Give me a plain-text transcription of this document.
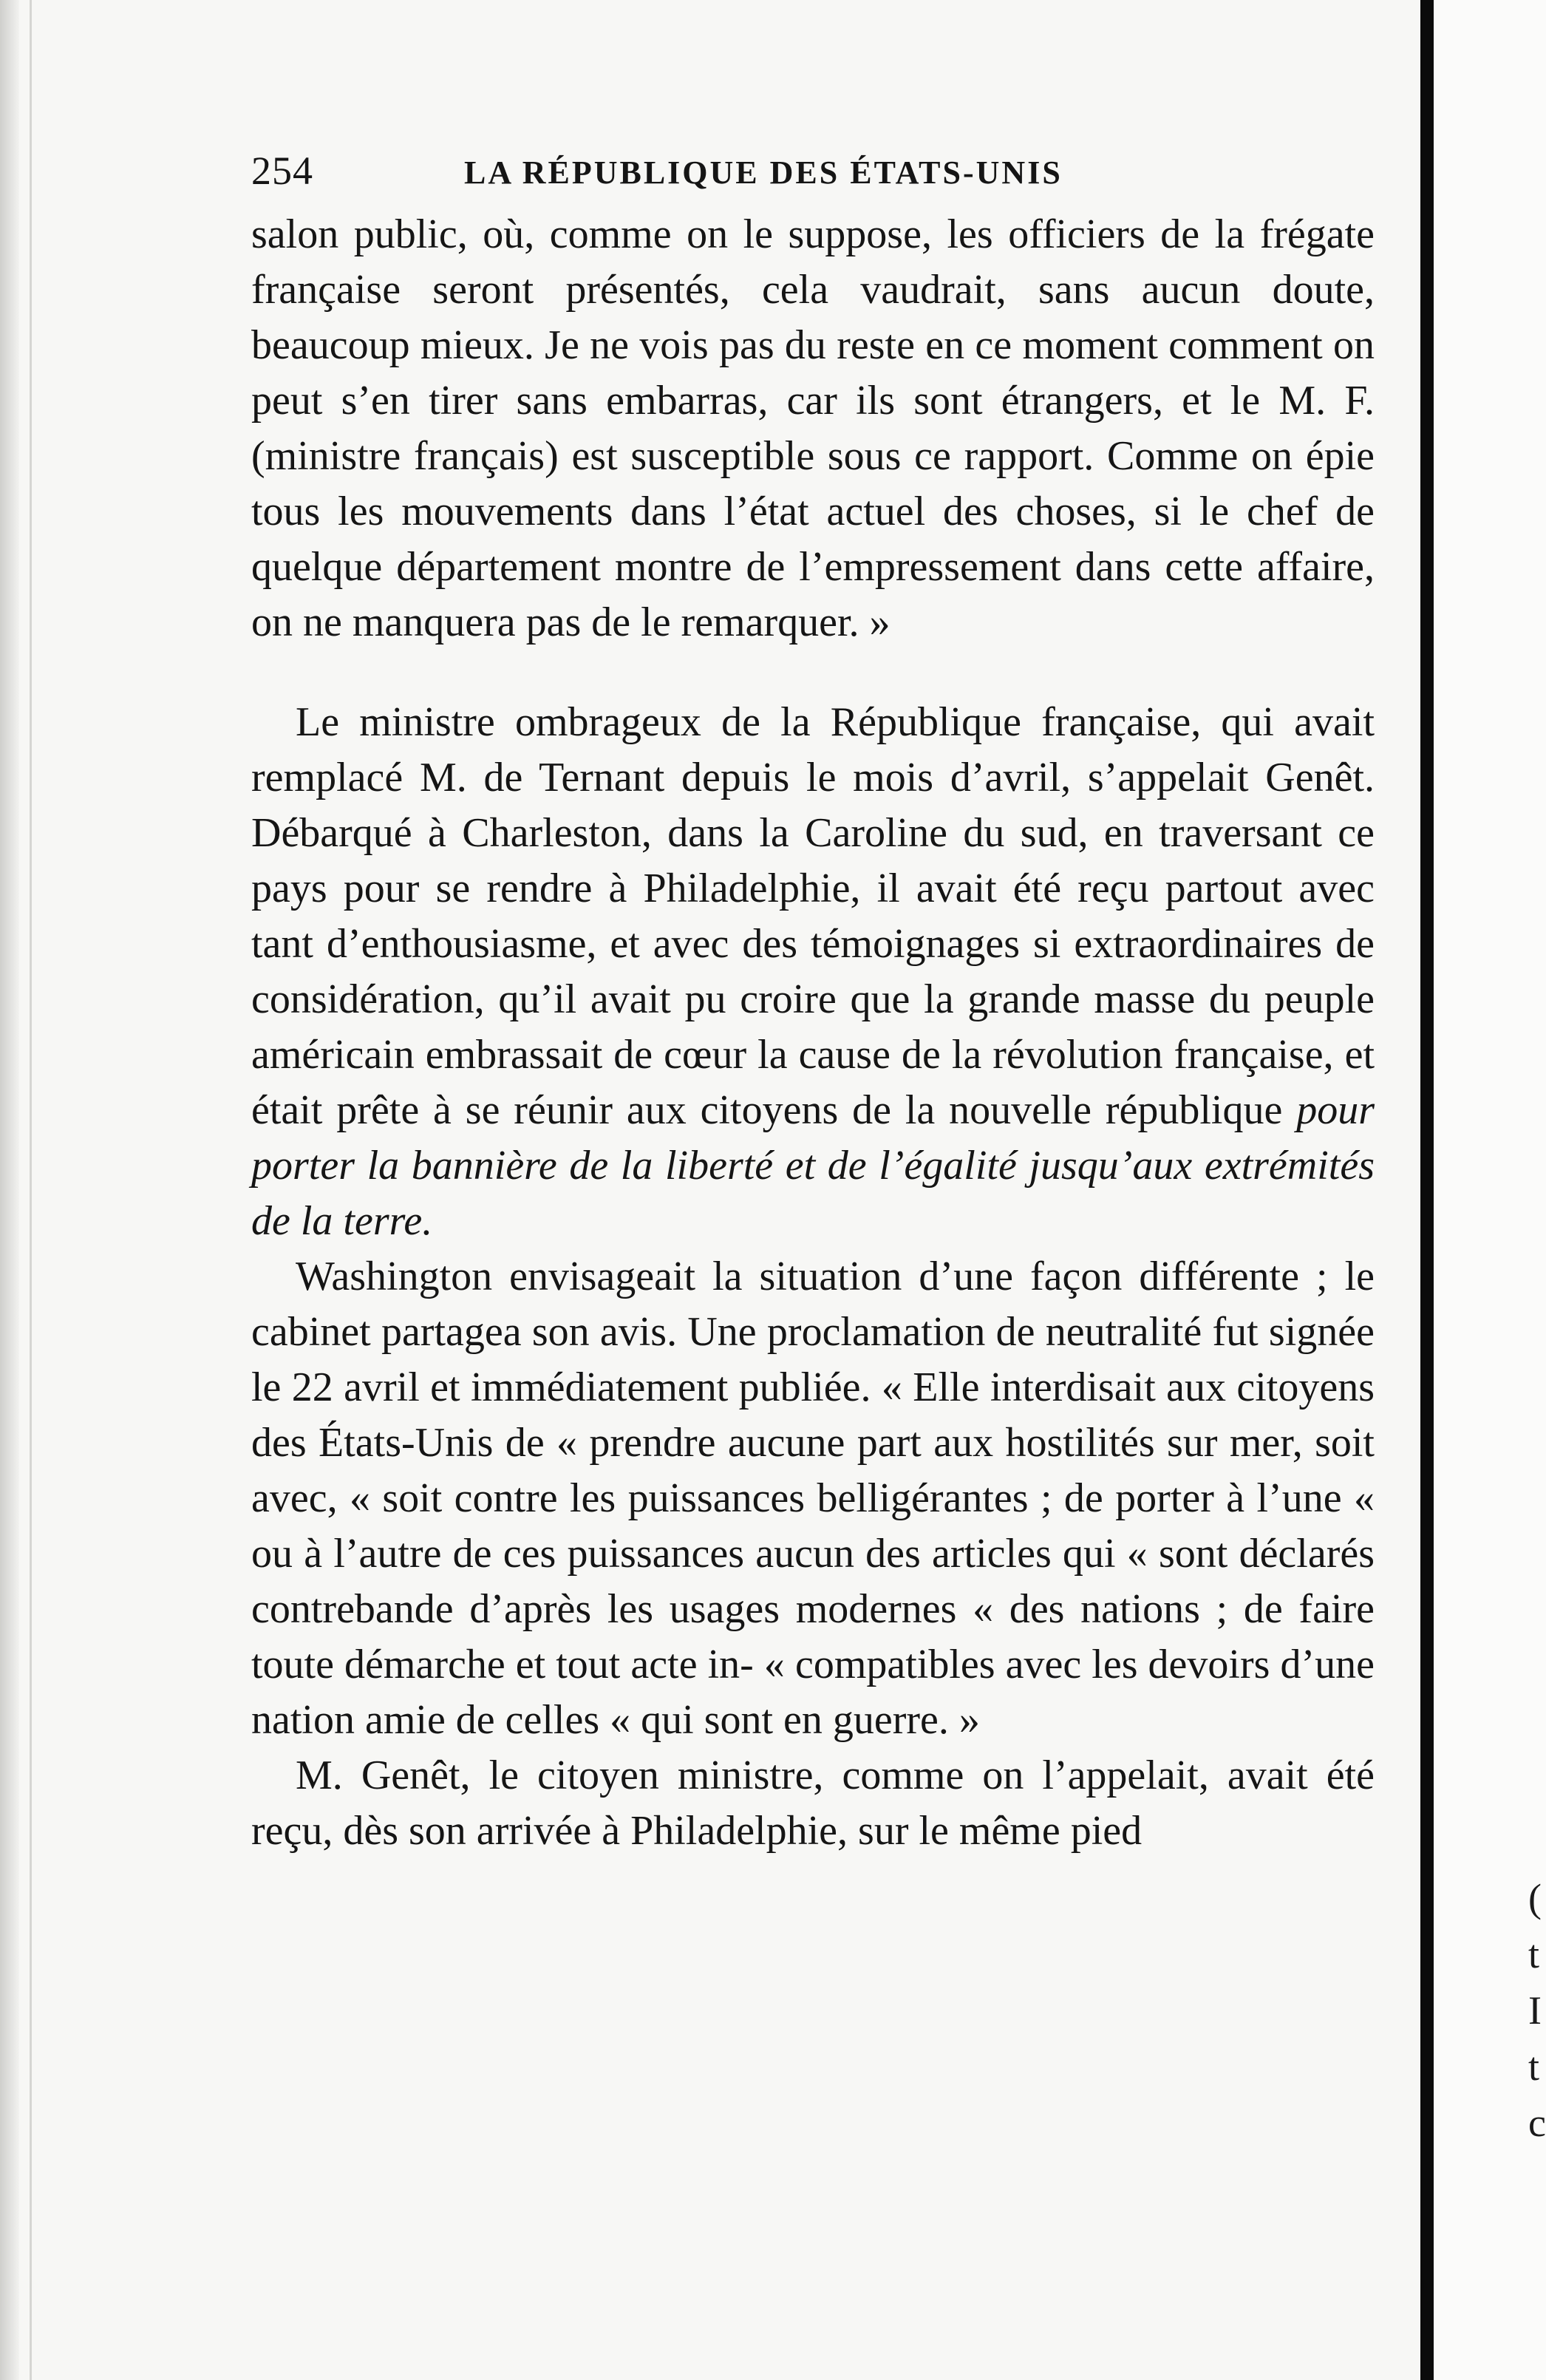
(
t
I
t
c
254	LA RÉPUBLIQUE DES ÉTATS-UNIS

salon public, où, comme on le suppose, les officiers de la frégate française seront présentés, cela vaudrait, sans aucun doute, beaucoup mieux. Je ne vois pas du reste en ce moment comment on peut s’en tirer sans embarras, car ils sont étrangers, et le M. F. (ministre français) est susceptible sous ce rapport. Comme on épie tous les mouvements dans l’état actuel des choses, si le chef de quelque département montre de l’empressement dans cette affaire, on ne manquera pas de le remarquer. »

Le ministre ombrageux de la République française, qui avait remplacé M. de Ternant depuis le mois d’avril, s’appelait Genêt. Débarqué à Charleston, dans la Caroline du sud, en traversant ce pays pour se rendre à Philadelphie, il avait été reçu partout avec tant d’enthousiasme, et avec des témoignages si extraordinaires de considération, qu’il avait pu croire que la grande masse du peuple américain embrassait de cœur la cause de la révolution française, et était prête à se réunir aux citoyens de la nouvelle république pour porter la bannière de la liberté et de l’égalité jusqu’aux extrémités de la terre.

Washington envisageait la situation d’une façon différente ; le cabinet partagea son avis. Une proclamation de neutralité fut signée le 22 avril et immédiatement publiée. « Elle interdisait aux citoyens des États-Unis de « prendre aucune part aux hostilités sur mer, soit avec, « soit contre les puissances belligérantes ; de porter à l’une « ou à l’autre de ces puissances aucun des articles qui « sont déclarés contrebande d’après les usages modernes « des nations ; de faire toute démarche et tout acte in- « compatibles avec les devoirs d’une nation amie de celles « qui sont en guerre. »

M. Genêt, le citoyen ministre, comme on l’appelait, avait été reçu, dès son arrivée à Philadelphie, sur le même pied
